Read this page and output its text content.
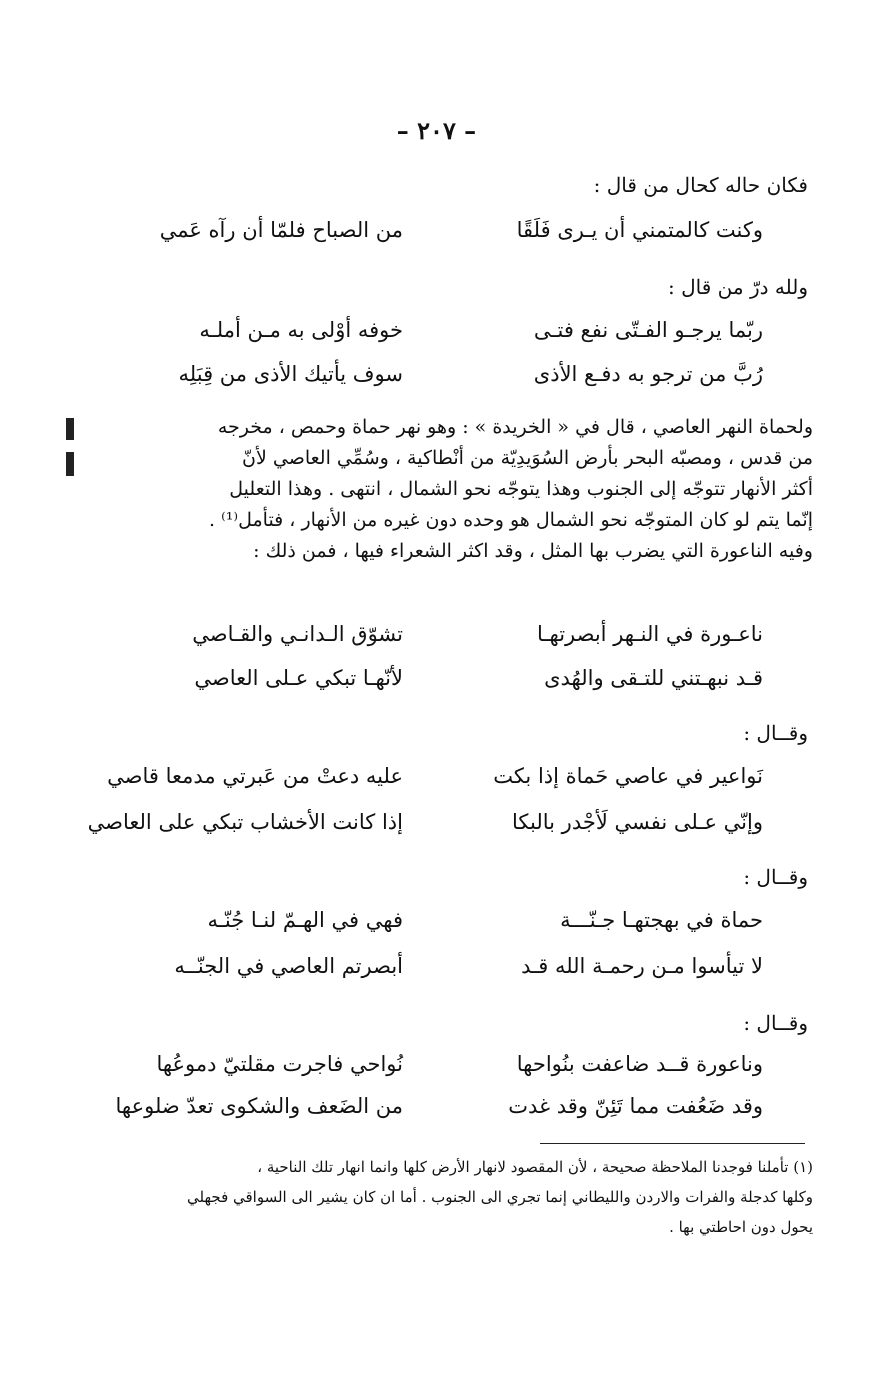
– ٢٠٧ –
فكان حاله كحال من قال :
وكنت كالمتمني أن يـرى فَلَقًا
من الصباح فلمّا أن رآه عَمي
ولله درّ من قال :
ربّما يرجـو الفـتّى نفع فتـى
خوفه أوْلى به مـن أملـه
رُبَّ من ترجو به دفـع الأذى
سوف يأتيك الأذى من قِبَلِه

ولحماة النهر العاصي ، قال في « الخريدة » : وهو نهر حماة وحمص ، مخرجه

من قدس ، ومصبّه البحر بأرض السُوَيدِيّة من أنْطاكية ، وسُمِّي العاصي لأنّ

أكثر الأنهار تتوجّه إلى الجنوب وهذا يتوجّه نحو الشمال ، انتهى . وهذا التعليل

إنّما يتم لو كان المتوجّه نحو الشمال هو وحده دون غيره من الأنهار ، فتأمل⁽¹⁾ .

وفيه الناعورة التي يضرب بها المثل ، وقد اكثر الشعراء فيها ، فمن ذلك :

ناعـورة في النـهر أبصرتهـا
تشوّق الـدانـي والقـاصي
قـد نبهـتني للتـقى والهُدى
لأنّهـا تبكي عـلى العاصي
وقــال :
نَواعير في عاصي حَماة إذا بكت
عليه دعتْ من عَبرتي مدمعا قاصي
وإنّي عـلى نفسي لَأجْدر بالبكا
إذا كانت الأخشاب تبكي على العاصي
وقــال :
حماة في بهجتهـا جـنّـــة
فهي في الهـمّ لنـا جُنّـه
لا تيأسوا مـن رحمـة الله قـد
أبصرتم العاصي في الجنّــه
وقــال :
وناعورة قــد ضاعفت بنُواحها
نُواحي فاجرت مقلتيّ دموعُها
وقد ضَعُفت مما تَئِنّ وقد غدت
من الضَعف والشكوى تعدّ ضلوعها

(١) تأملنا فوجدنا الملاحظة صحيحة ، لأن المقصود لانهار الأرض كلها وانما انهار تلك الناحية ،

وكلها كدجلة والفرات والاردن والليطاني إنما تجري الى الجنوب . أما ان كان يشير الى السواقي فجهلي

يحول دون احاطتي بها .
